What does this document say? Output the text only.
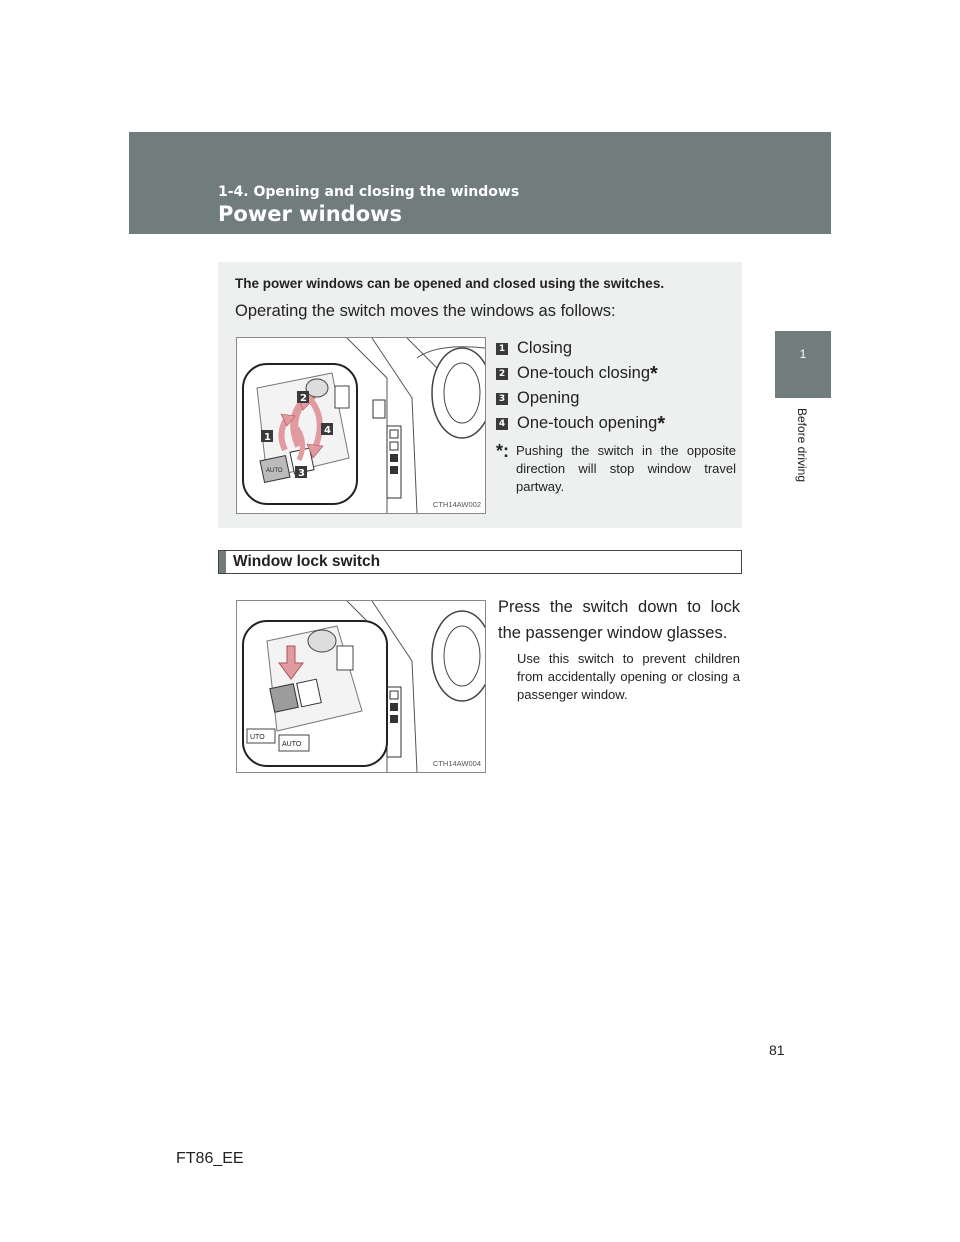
1-4. Opening and closing the windows
Power windows
1
Before driving
The power windows can be opened and closed using the switches.
Operating the switch moves the windows as follows:
AUTO
1
2
3
4
CTH14AW002
1 Closing
2 One-touch closing *
3 Opening
4 One-touch opening *
*: Pushing the switch in the opposite direction will stop window travel partway.
Window lock switch
UTO
AUTO
CTH14AW004
Press the switch down to lock the passenger window glasses.
Use this switch to prevent children from accidentally opening or closing a passenger window.
81
FT86_EE
